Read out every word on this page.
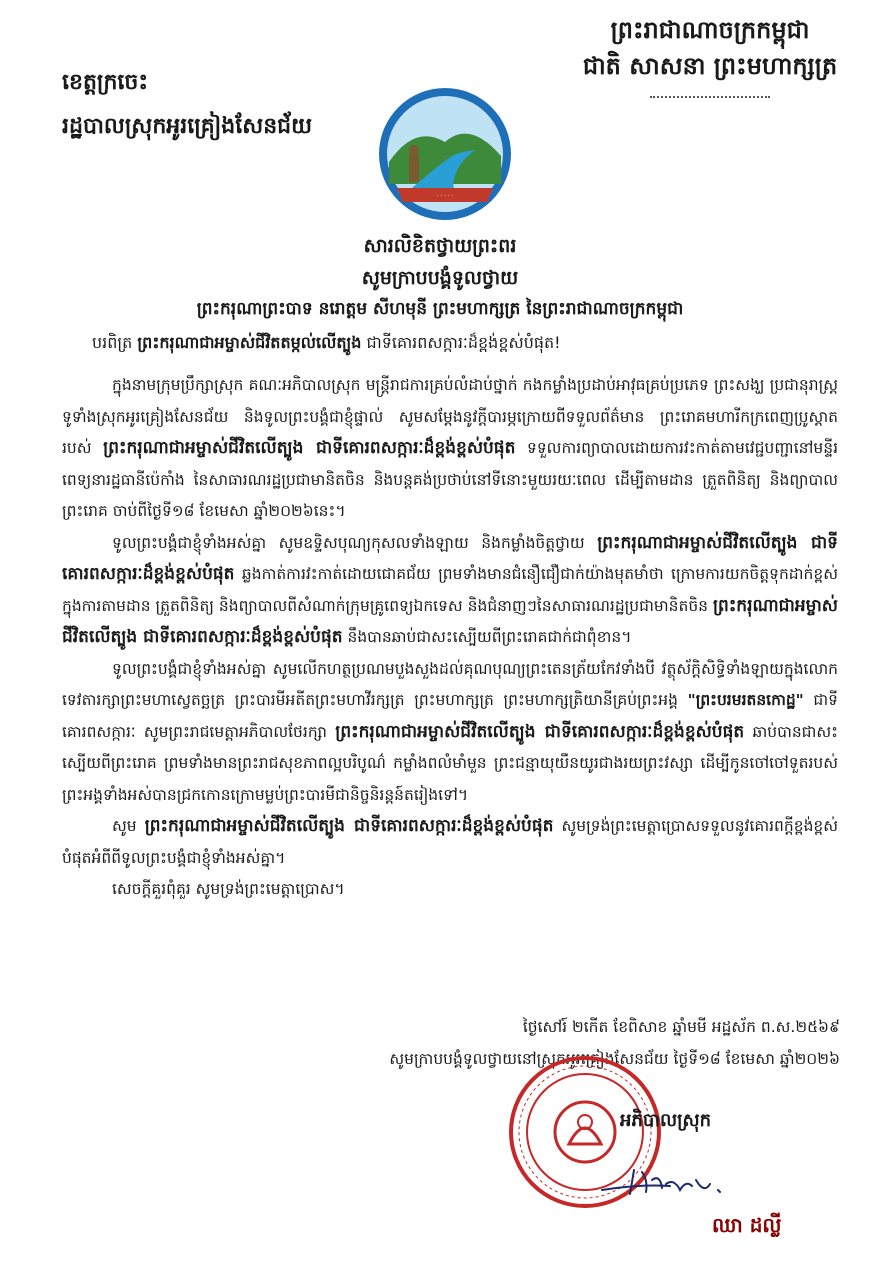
ព្រះរាជាណាចក្រកម្ពុជា
ជាតិ សាសនា ព្រះមហាក្សត្រ
ខេត្តក្រចេះ
រដ្ឋបាលស្រុកអូរគ្រៀងសែនជ័យ
· · · · ·
សារលិខិតថ្វាយព្រះពរ
សូមក្រាបបង្គំទូលថ្វាយ
ព្រះករុណាព្រះបាទ នរោត្តម សីហមុនី ព្រះមហាក្សត្រ នៃព្រះរាជាណាចក្រកម្ពុជា
បរពិត្រ ព្រះករុណាជាអម្ចាស់ជីវិតតម្កល់លើត្បូង ជាទីគោរពសក្ការៈដ៏ខ្ពង់ខ្ពស់បំផុត!

ក្នុងនាមក្រុមប្រឹក្សាស្រុក គណៈអភិបាលស្រុក មន្ត្រីរាជការគ្រប់លំដាប់ថ្នាក់ កងកម្លាំងប្រដាប់អាវុធគ្រប់ប្រភេទ ព្រះសង្ឃ ប្រជានុរាស្ត្រទូទាំងស្រុកអូរគ្រៀងសែនជ័យ និងទូលព្រះបង្គំជាខ្ញុំផ្ទាល់ សូមសម្តែងនូវក្តីបារម្ភក្រោយពីទទួលព័ត៌មាន ព្រះរោគមហារីកក្រពេញប្រូស្តាត របស់ ព្រះករុណាជាអម្ចាស់ជីវិតលើត្បូង ជាទីគោរពសក្ការៈដ៏ខ្ពង់ខ្ពស់បំផុត ទទួលការព្យាបាលដោយការវះកាត់តាមវេជ្ជបញ្ជានៅមន្ទីរពេទ្យនារដ្ឋធានីប៉េកាំង នៃសាធារណរដ្ឋប្រជាមានិតចិន និងបន្តគង់ប្រថាប់នៅទីនោះមួយរយៈពេល ដើម្បីតាមដាន ត្រួតពិនិត្យ និងព្យាបាលព្រះរោគ ចាប់ពីថ្ងៃទី១៨ ខែមេសា ឆ្នាំ២០២៦នេះ។

ទូលព្រះបង្គំជាខ្ញុំទាំងអស់គ្នា សូមឧទ្ទិសបុណ្យកុសលទាំងឡាយ និងកម្លាំងចិត្តថ្វាយ ព្រះករុណាជាអម្ចាស់ជីវិតលើត្បូង ជាទីគោរពសក្ការៈដ៏ខ្ពង់ខ្ពស់បំផុត ឆ្លងកាត់ការវះកាត់ដោយជោគជ័យ ព្រមទាំងមានជំនឿជឿជាក់យ៉ាងមុតមាំថា ក្រោមការយកចិត្តទុកដាក់ខ្ពស់ក្នុងការតាមដាន ត្រួតពិនិត្យ និងព្យាបាលពីសំណាក់ក្រុមគ្រូពេទ្យឯកទេស និងជំនាញៗនៃសាធារណរដ្ឋប្រជាមានិតចិន ព្រះករុណាជាអម្ចាស់ជីវិតលើត្បូង ជាទីគោរពសក្ការៈដ៏ខ្ពង់ខ្ពស់បំផុត នឹងបានឆាប់ជាសះស្បើយពីព្រះរោគជាក់ជាពុំខាន។

ទូលព្រះបង្គំជាខ្ញុំទាំងអស់គ្នា សូមលើកហត្ថប្រណមបួងសួងដល់គុណបុណ្យព្រះតេនត្រ័យកែវទាំងបី វត្ថុស័ក្តិសិទ្ធិទាំងឡាយក្នុងលោក ទេវតារក្សាព្រះមហាស្វេតច្ឆត្រ ព្រះបារមីអតីតព្រះមហាវីរក្សត្រ ព្រះមហាក្សត្រ ព្រះមហាក្សត្រិយានីគ្រប់ព្រះអង្គ "ព្រះបរមរតនកោដ្ឋ" ជាទីគោរពសក្ការៈ សូមព្រះរាជមេត្តាអភិបាលថែរក្សា ព្រះករុណាជាអម្ចាស់ជីវិតលើត្បូង ជាទីគោរពសក្ការៈដ៏ខ្ពង់ខ្ពស់បំផុត ឆាប់បានជាសះស្បើយពីព្រះរោគ ព្រមទាំងមានព្រះរាជសុខភាពល្អបរិបូណ៌ កម្លាំងពលំមាំមួន ព្រះជន្មាយុយឺនយូរជាងរយព្រះវស្សា ដើម្បីកូនចៅចៅទួតរបស់ព្រះអង្គទាំងអស់បានជ្រកកោនក្រោមម្លប់ព្រះបារមីជានិច្ចនិរន្តន៍តរៀងទៅ។

សូម ព្រះករុណាជាអម្ចាស់ជីវិតលើត្បូង ជាទីគោរពសក្ការៈដ៏ខ្ពង់ខ្ពស់បំផុត សូមទ្រង់ព្រះមេត្តាប្រោសទទួលនូវគោរពក្តីខ្ពង់ខ្ពស់បំផុតអំពីពីទូលព្រះបង្គំជាខ្ញុំទាំងអស់គ្នា។

សេចក្តីគួរពុំគួរ សូមទ្រង់ព្រះមេត្តាប្រោស។

ថ្ងៃសៅរ៍ ២កើត ខែពិសាខ ឆ្នាំមមី អដ្ឋស័ក ព.ស.២៥៦៩
សូមក្រាបបង្គំទូលថ្វាយនៅស្រុកអូរគ្រៀងសែនជ័យ ថ្ងៃទី១៨ ខែមេសា ឆ្នាំ២០២៦
អភិបាលស្រុក
ឈា ដល្លី
